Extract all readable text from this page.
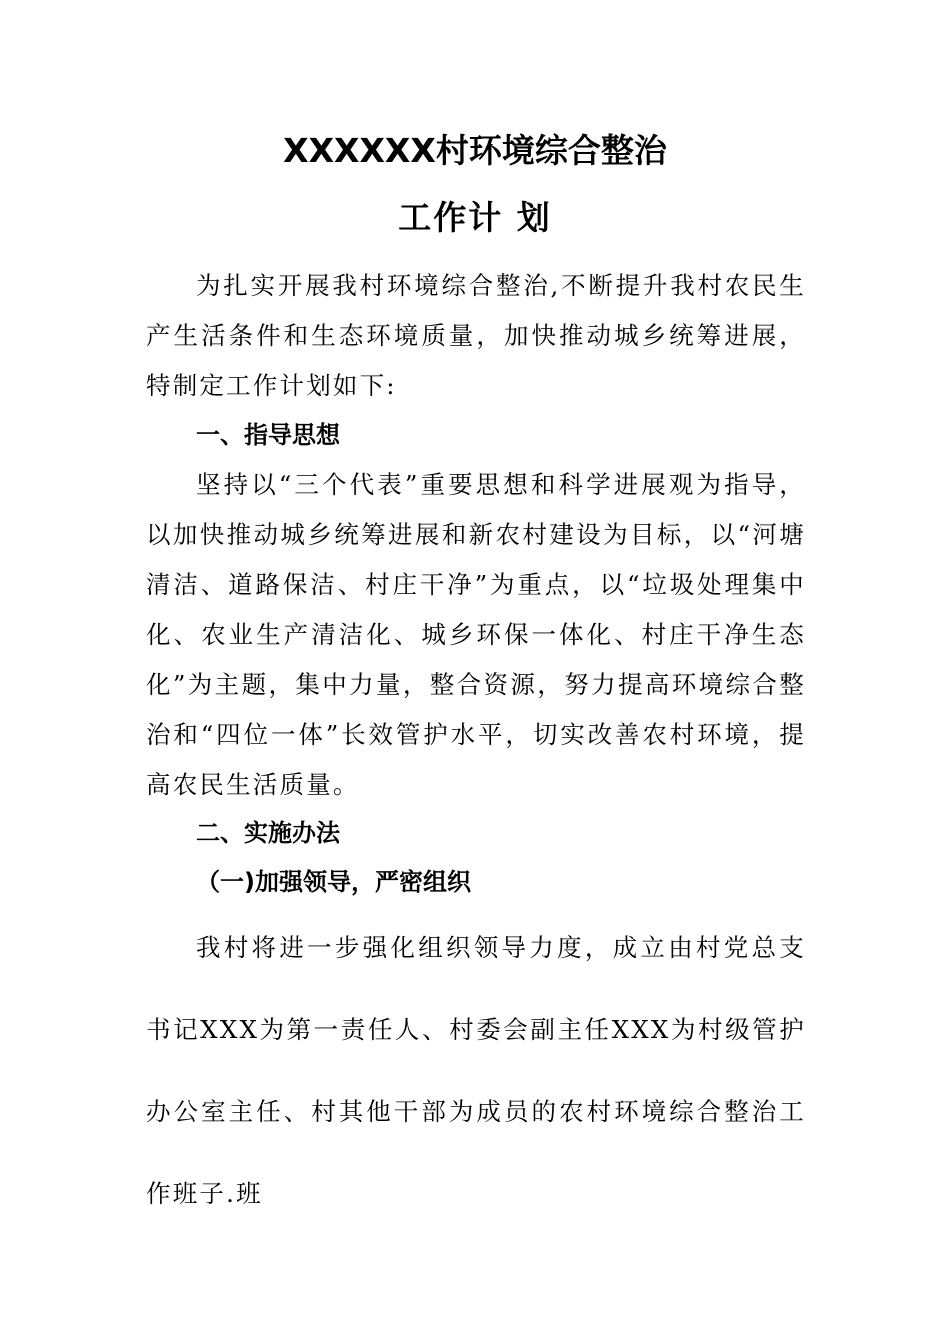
XXXXXX村环境综合整治
工作计 划

为扎实开展我村环境综合整治,不断提升我村农民生产生活条件和生态环境质量，加快推动城乡统筹进展，特制定工作计划如下:

一、指导思想

坚持以“三个代表”重要思想和科学进展观为指导，以加快推动城乡统筹进展和新农村建设为目标，以“河塘清洁、道路保洁、村庄干净”为重点，以“垃圾处理集中化、农业生产清洁化、城乡环保一体化、村庄干净生态化”为主题，集中力量，整合资源，努力提高环境综合整治和“四位一体”长效管护水平，切实改善农村环境，提高农民生活质量。

二、实施办法
（一)加强领导，严密组织

我村将进一步强化组织领导力度，成立由村党总支书记XXX为第一责任人、村委会副主任XXX为村级管护办公室主任、村其他干部为成员的农村环境综合整治工作班子.班
